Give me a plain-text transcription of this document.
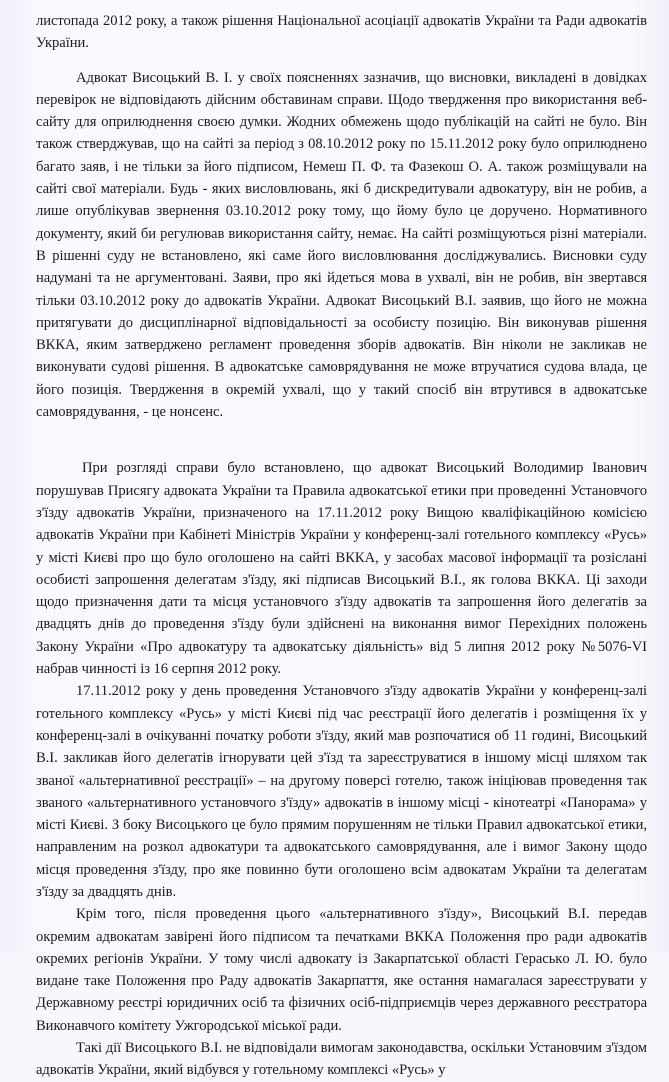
листопада 2012 року, а також рішення Національної асоціації адвокатів України та Ради адвокатів України.

Адвокат Висоцький В. І. у своїх поясненнях зазначив, що висновки, викладені в довідках перевірок не відповідають дійсним обставинам справи. Щодо твердження про використання веб-сайту для оприлюднення своєю думки. Жодних обмежень щодо публікацій на сайті не було. Він також стверджував, що на сайті за період з 08.10.2012 року по 15.11.2012 року було оприлюднено багато заяв, і не тільки за його підписом, Немеш П. Ф. та Фазекош О. А. також розміщували на сайті свої матеріали. Будь - яких висловлювань, які б дискредитували адвокатуру, він не робив, а лише опублікував звернення 03.10.2012 року тому, що йому було це доручено. Нормативного документу, який би регулював використання сайту, немає. На сайті розміщуються різні матеріали. В рішенні суду не встановлено, які саме його висловлювання досліджувались. Висновки суду надумані та не аргументовані. Заяви, про які йдеться мова в ухвалі, він не робив, він звертався тільки 03.10.2012 року до адвокатів України. Адвокат Висоцький В.І. заявив, що його не можна притягувати до дисциплінарної відповідальності за особисту позицію. Він виконував рішення ВККА, яким затверджено регламент проведення зборів адвокатів. Він ніколи не закликав не виконувати судові рішення. В адвокатське самоврядування не може втручатися судова влада, це його позиція. Твердження в окремій ухвалі, що у такий спосіб він втрутився в адвокатське самоврядування, - це нонсенс.

При розгляді справи було встановлено, що адвокат Висоцький Володимир Іванович порушував Присягу адвоката України та Правила адвокатської етики при проведенні Установчого з'їзду адвокатів України, призначеного на 17.11.2012 року Вищою кваліфікаційною комісією адвокатів України при Кабінеті Міністрів України у конференц-залі готельного комплексу «Русь» у місті Києві про що було оголошено на сайті ВККА, у засобах масової інформації та розіслані особисті запрошення делегатам з'їзду, які підписав Висоцький В.І., як голова ВККА. Ці заходи щодо призначення дати та місця установчого з'їзду адвокатів та запрошення його делегатів за двадцять днів до проведення з'їзду були здійснені на виконання вимог Перехідних положень Закону України «Про адвокатуру та адвокатську діяльність» від 5 липня 2012 року №5076-VI набрав чинності із 16 серпня 2012 року.

17.11.2012 року у день проведення Установчого з'їзду адвокатів України у конференц-залі готельного комплексу «Русь» у місті Києві під час реєстрації його делегатів і розміщення їх у конференц-залі в очікуванні початку роботи з'їзду, який мав розпочатися об 11 годині, Висоцький В.І. закликав його делегатів ігнорувати цей з'їзд та зареєструватися в іншому місці шляхом так званої «альтернативної реєстрації» – на другому поверсі готелю, також ініціював проведення так званого «альтернативного установчого з'їзду» адвокатів в іншому місці - кінотеатрі «Панорама» у місті Києві. З боку Висоцького це було прямим порушенням не тільки Правил адвокатської етики, направленим на розкол адвокатури та адвокатського самоврядування, але і вимог Закону щодо місця проведення з'їзду, про яке повинно бути оголошено всім адвокатам України та делегатам з'їзду за двадцять днів.

Крім того, після проведення цього «альтернативного з'їзду», Висоцький В.І. передав окремим адвокатам завірені його підписом та печатками ВККА Положення про ради адвокатів окремих регіонів України. У тому числі адвокату із Закарпатської області Гераськo Л. Ю. було видане таке Положення про Раду адвокатів Закарпаття, яке остання намагалася зареєструвати у Державному реєстрі юридичних осіб та фізичних осіб-підприємців через державного реєстратора Виконавчого комітету Ужгородської міської ради.

Такі дії Висоцького В.І. не відповідали вимогам законодавства, оскільки Установчим з'їздом адвокатів України, який відбувся у готельному комплексі «Русь» у
